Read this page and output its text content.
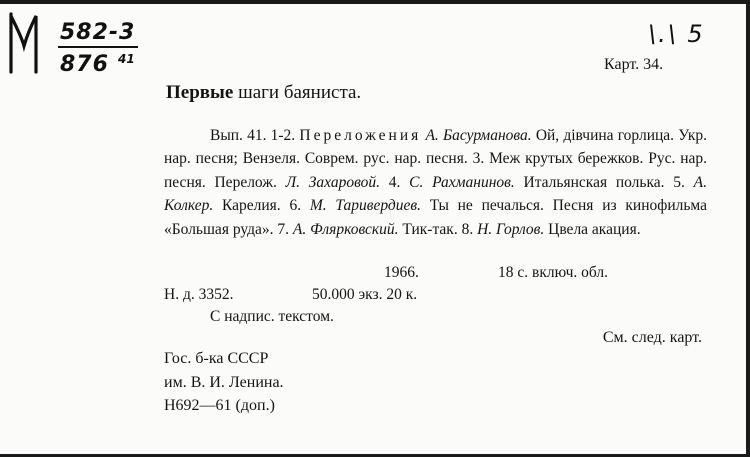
582-3
876 41
\.\ 5
Карт. 34.
Первые шаги баяниста.

Вып. 41. 1-2. Переложения А. Басурманова. Ой, дівчина горлица. Укр. нар. песня; Вензеля. Соврем. рус. нар. песня. 3. Меж крутых бережков. Рус. нар. песня. Перелож. Л. Захаровой. 4. С. Рахманинов. Итальянская полька. 5. А. Колкер. Карелия. 6. М. Таривердиев. Ты не печалься. Песня из кинофильма «Большая руда». 7. А. Флярковский. Тик-так. 8. Н. Горлов. Цвела акация.

1966.	18 с. включ. обл.
Н. д. 3352.	50.000 экз. 20 к.
С надпис. текстом.
См. след. карт.
Гос. б-ка СССР
им. В. И. Ленина.
Н692—61 (доп.)
